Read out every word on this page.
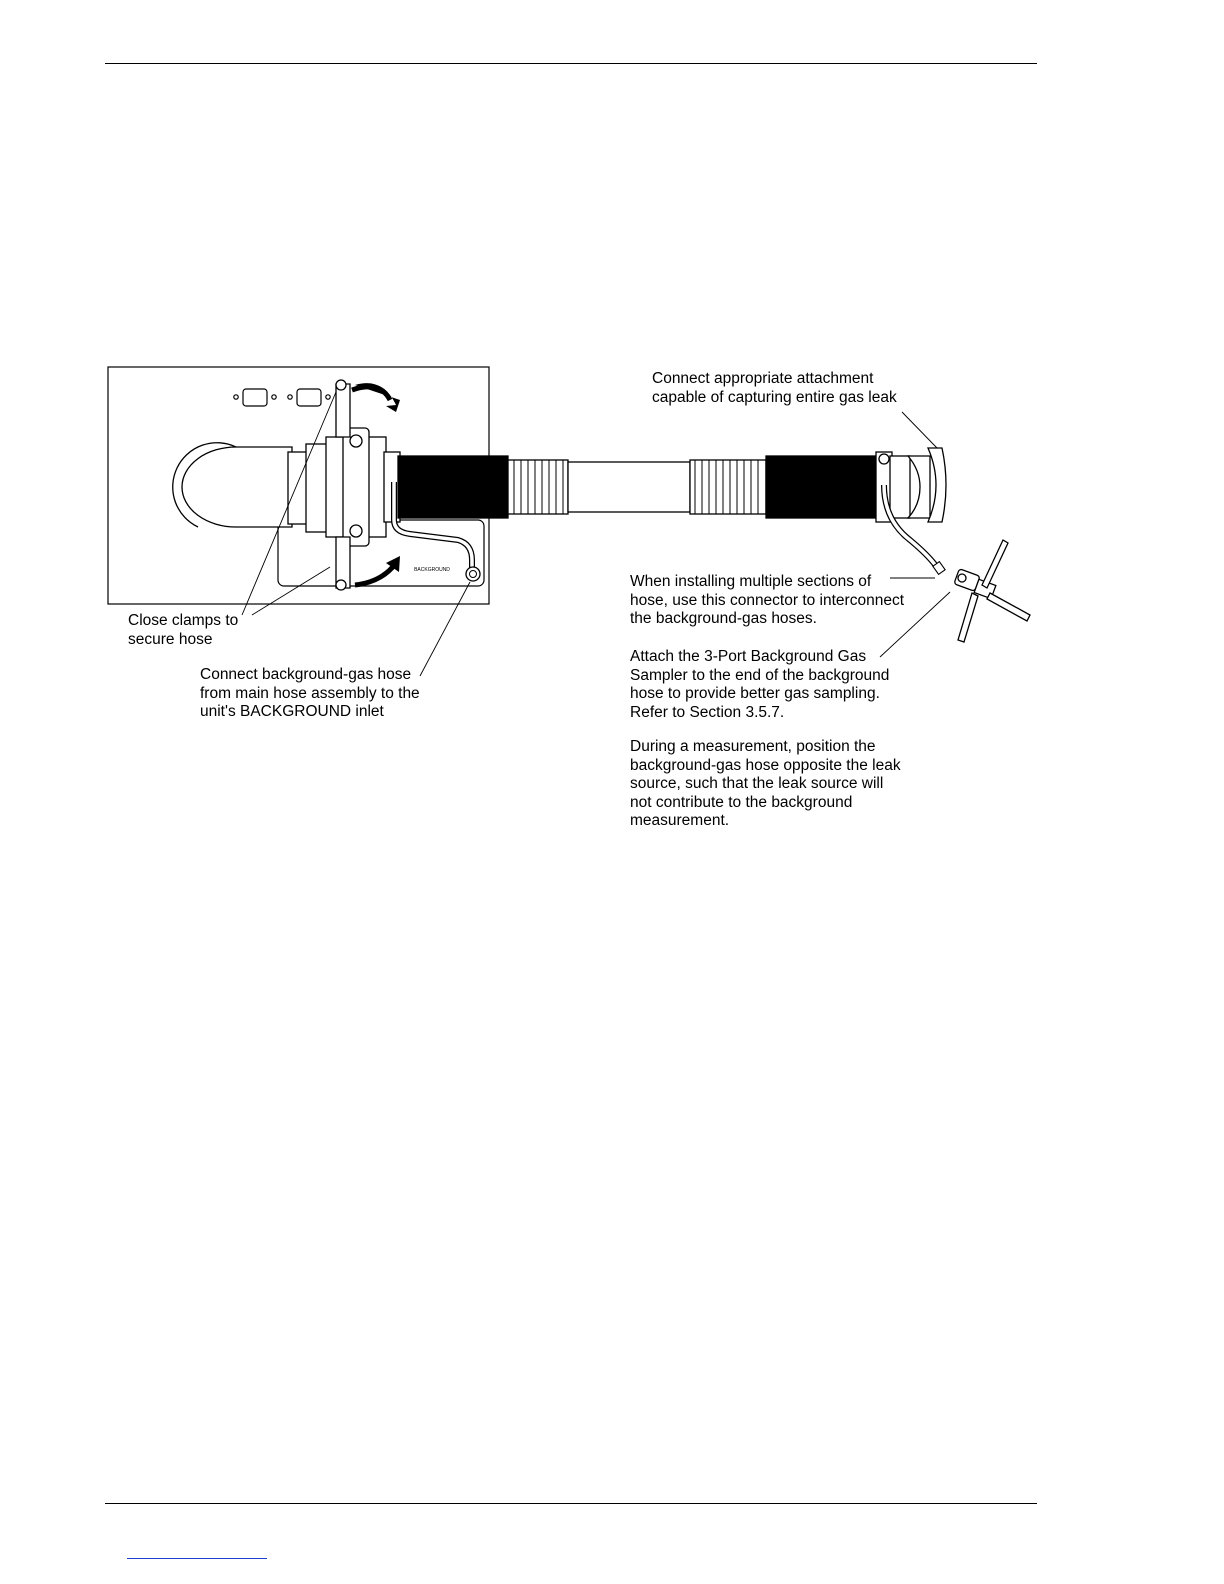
BACKGROUND
Connect appropriate attachment
capable of capturing entire gas leak
Close clamps to
secure hose
Connect background-gas hose
from main hose assembly to the
unit's BACKGROUND inlet
When installing multiple sections of
hose, use this connector to interconnect
the background-gas hoses.
Attach the 3-Port Background Gas
Sampler to the end of the background
hose to provide better gas sampling.
Refer to Section 3.5.7.
During a measurement, position the
background-gas hose opposite the leak
source, such that the leak source will
not contribute to the background
measurement.
